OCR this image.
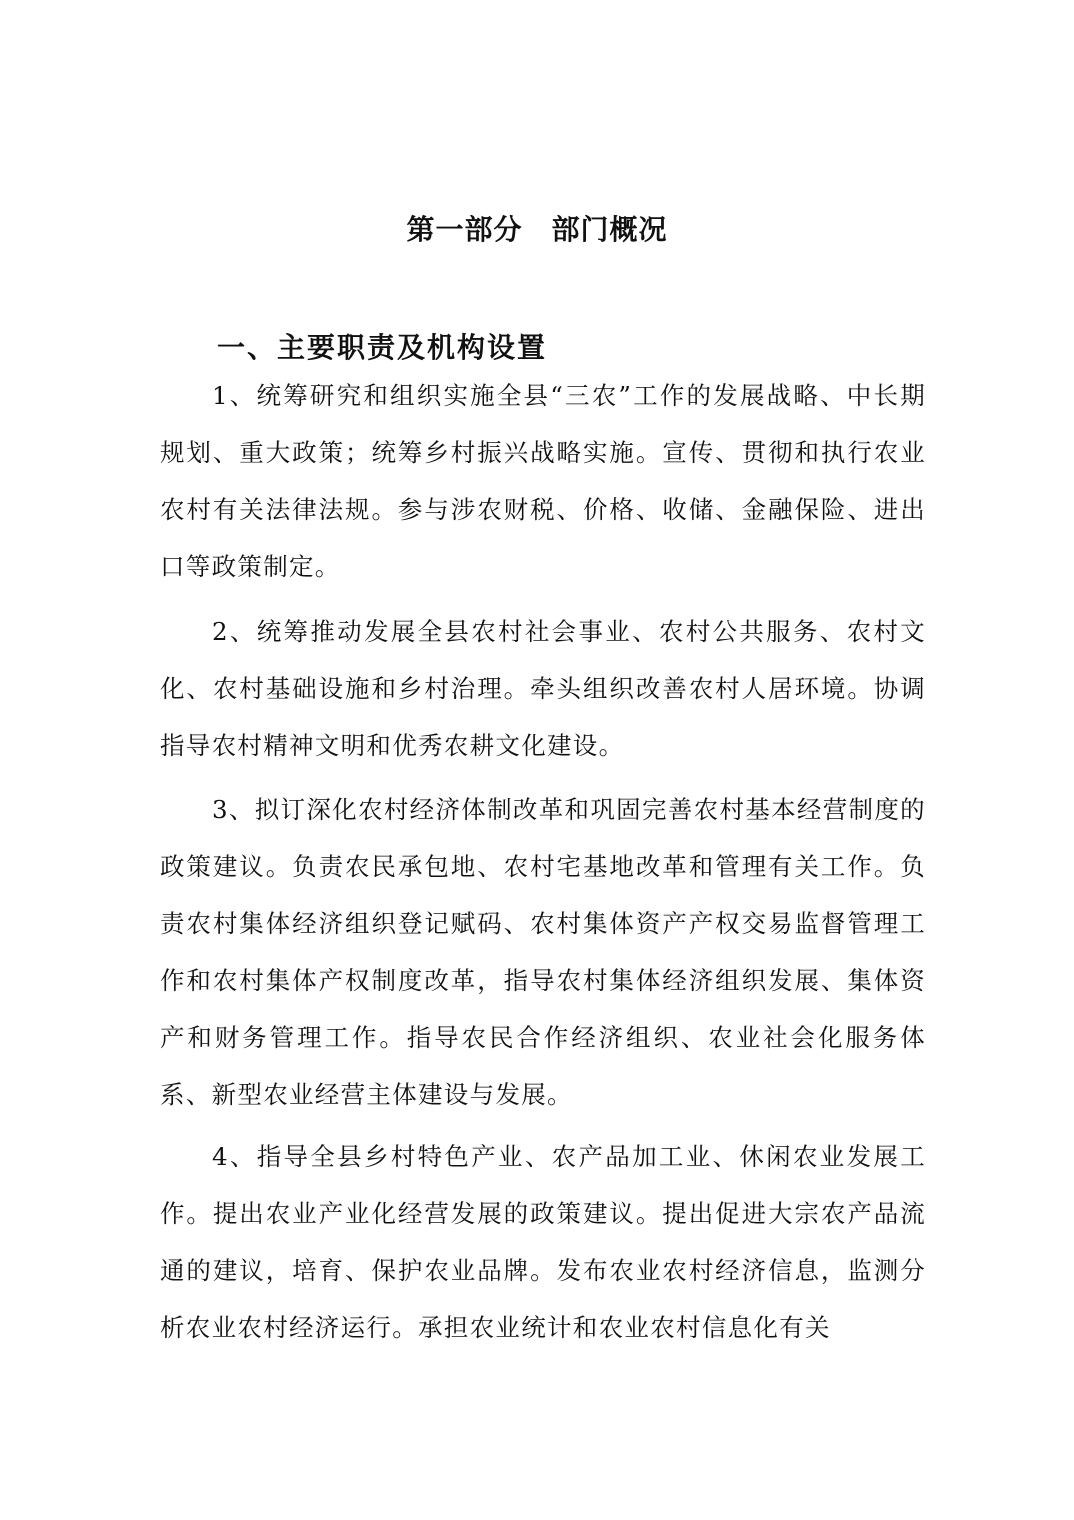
第一部分　部门概况
一、主要职责及机构设置

1、统筹研究和组织实施全县“三农”工作的发展战略、中长期规划、重大政策；统筹乡村振兴战略实施。宣传、贯彻和执行农业农村有关法律法规。参与涉农财税、价格、收储、金融保险、进出口等政策制定。

2、统筹推动发展全县农村社会事业、农村公共服务、农村文化、农村基础设施和乡村治理。牵头组织改善农村人居环境。协调指导农村精神文明和优秀农耕文化建设。

3、拟订深化农村经济体制改革和巩固完善农村基本经营制度的政策建议。负责农民承包地、农村宅基地改革和管理有关工作。负责农村集体经济组织登记赋码、农村集体资产产权交易监督管理工作和农村集体产权制度改革，指导农村集体经济组织发展、集体资产和财务管理工作。指导农民合作经济组织、农业社会化服务体系、新型农业经营主体建设与发展。

4、指导全县乡村特色产业、农产品加工业、休闲农业发展工作。提出农业产业化经营发展的政策建议。提出促进大宗农产品流通的建议，培育、保护农业品牌。发布农业农村经济信息，监测分析农业农村经济运行。承担农业统计和农业农村信息化有关
